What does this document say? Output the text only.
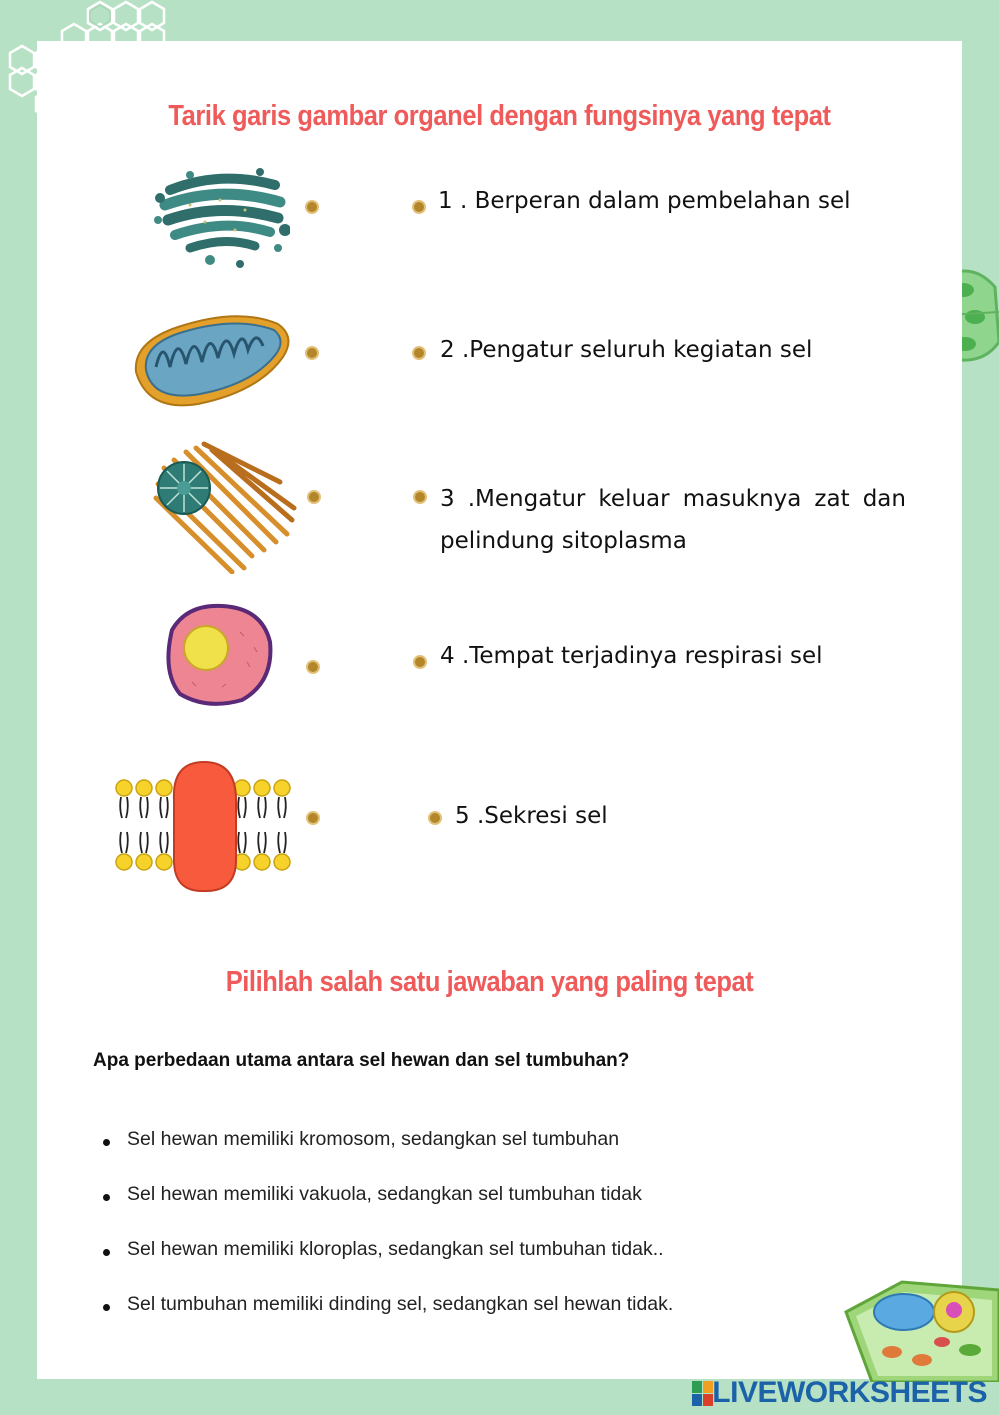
Tarik garis gambar organel dengan fungsinya yang tepat
1 . Berperan dalam pembelahan sel
2 .Pengatur seluruh kegiatan sel
3 .Mengatur keluar masuknya zat dan pelindung sitoplasma
4 .Tempat terjadinya respirasi sel
5 .Sekresi sel
Pilihlah salah satu jawaban yang paling tepat
Apa perbedaan utama antara sel hewan dan sel tumbuhan?
Sel hewan memiliki kromosom, sedangkan sel tumbuhan
Sel hewan memiliki vakuola, sedangkan sel tumbuhan tidak
Sel hewan memiliki kloroplas, sedangkan sel tumbuhan tidak..
Sel tumbuhan memiliki dinding sel, sedangkan sel hewan tidak.
LIVEWORKSHEETS
